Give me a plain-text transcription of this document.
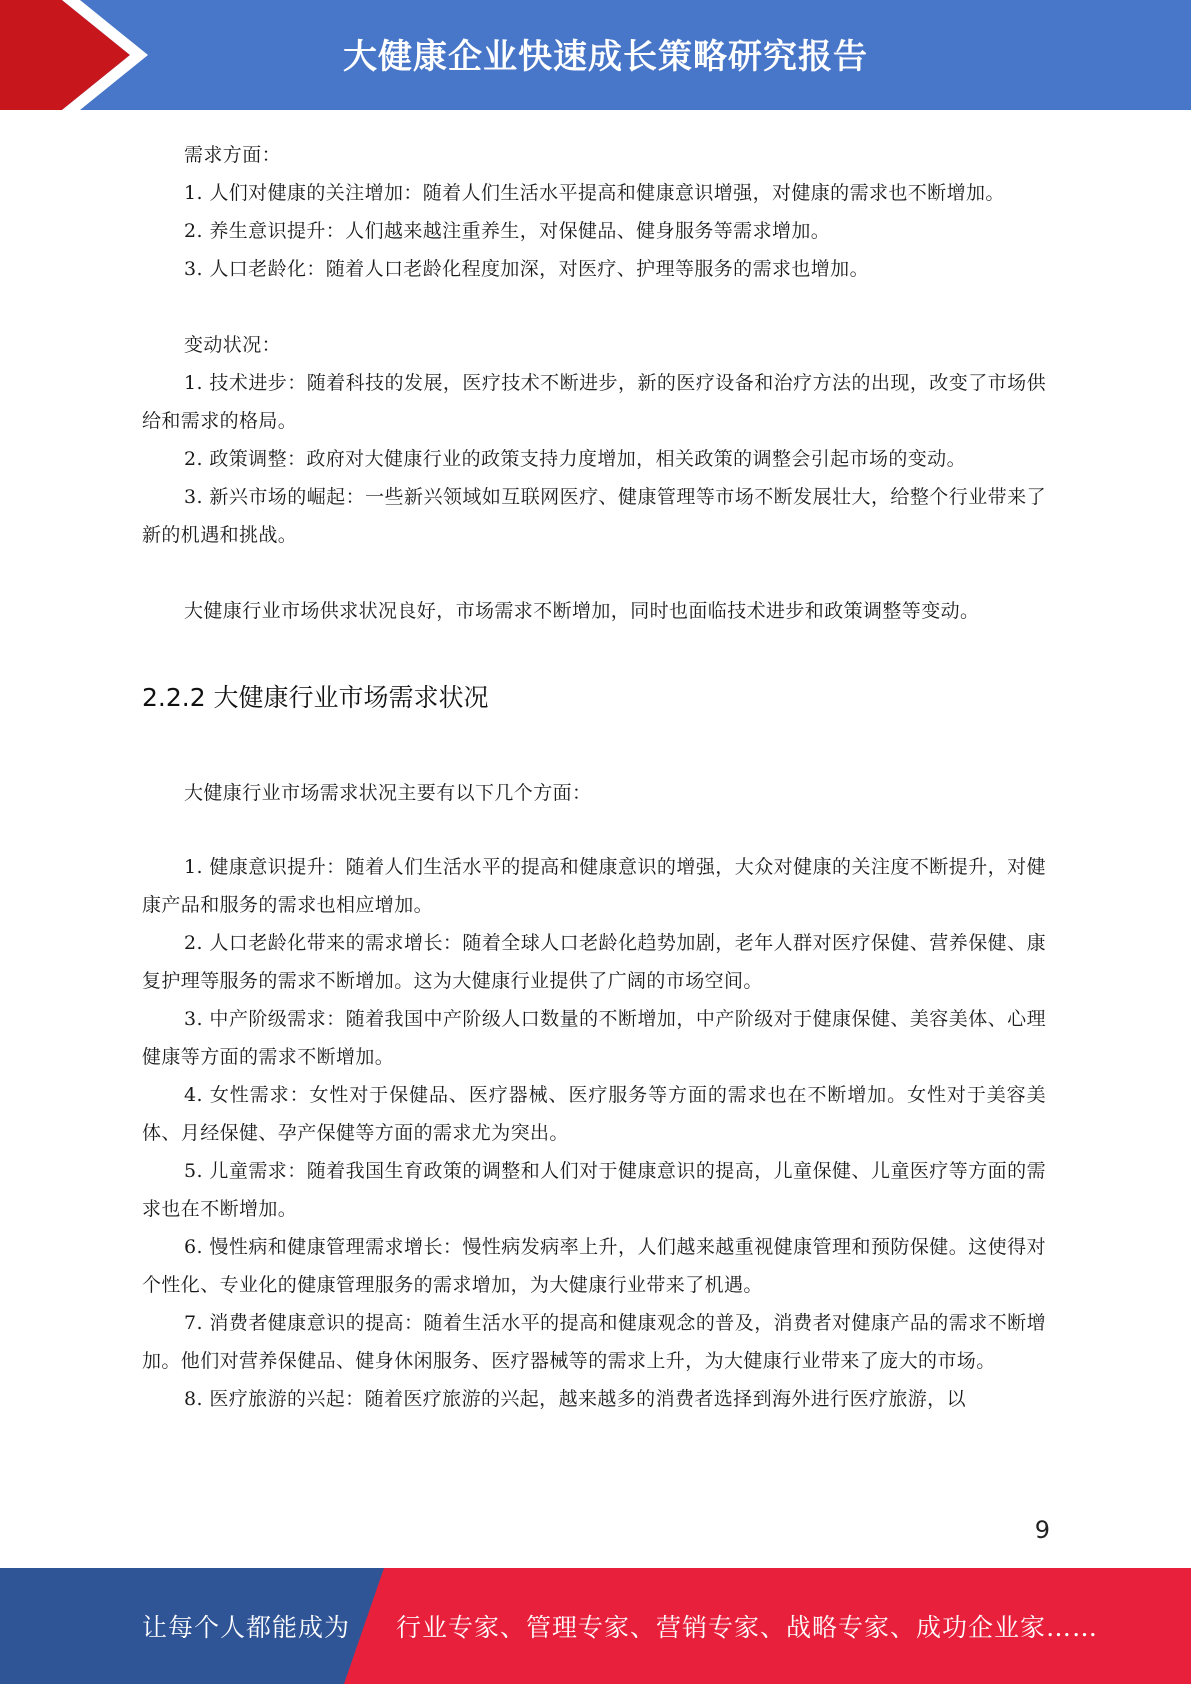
大健康企业快速成长策略研究报告

需求方面：

1. 人们对健康的关注增加：随着人们生活水平提高和健康意识增强，对健康的需求也不断增加。

2. 养生意识提升：人们越来越注重养生，对保健品、健身服务等需求增加。

3. 人口老龄化：随着人口老龄化程度加深，对医疗、护理等服务的需求也增加。

变动状况：

1. 技术进步：随着科技的发展，医疗技术不断进步，新的医疗设备和治疗方法的出现，改变了市场供给和需求的格局。

2. 政策调整：政府对大健康行业的政策支持力度增加，相关政策的调整会引起市场的变动。

3. 新兴市场的崛起：一些新兴领域如互联网医疗、健康管理等市场不断发展壮大，给整个行业带来了新的机遇和挑战。

大健康行业市场供求状况良好，市场需求不断增加，同时也面临技术进步和政策调整等变动。

2.2.2 大健康行业市场需求状况

大健康行业市场需求状况主要有以下几个方面：

1. 健康意识提升：随着人们生活水平的提高和健康意识的增强，大众对健康的关注度不断提升，对健康产品和服务的需求也相应增加。

2. 人口老龄化带来的需求增长：随着全球人口老龄化趋势加剧，老年人群对医疗保健、营养保健、康复护理等服务的需求不断增加。这为大健康行业提供了广阔的市场空间。

3. 中产阶级需求：随着我国中产阶级人口数量的不断增加，中产阶级对于健康保健、美容美体、心理健康等方面的需求不断增加。

4. 女性需求：女性对于保健品、医疗器械、医疗服务等方面的需求也在不断增加。女性对于美容美体、月经保健、孕产保健等方面的需求尤为突出。

5. 儿童需求：随着我国生育政策的调整和人们对于健康意识的提高，儿童保健、儿童医疗等方面的需求也在不断增加。

6. 慢性病和健康管理需求增长：慢性病发病率上升，人们越来越重视健康管理和预防保健。这使得对个性化、专业化的健康管理服务的需求增加，为大健康行业带来了机遇。

7. 消费者健康意识的提高：随着生活水平的提高和健康观念的普及，消费者对健康产品的需求不断增加。他们对营养保健品、健身休闲服务、医疗器械等的需求上升，为大健康行业带来了庞大的市场。

8. 医疗旅游的兴起：随着医疗旅游的兴起，越来越多的消费者选择到海外进行医疗旅游，以

9
让每个人都能成为 行业专家、管理专家、营销专家、战略专家、成功企业家……
